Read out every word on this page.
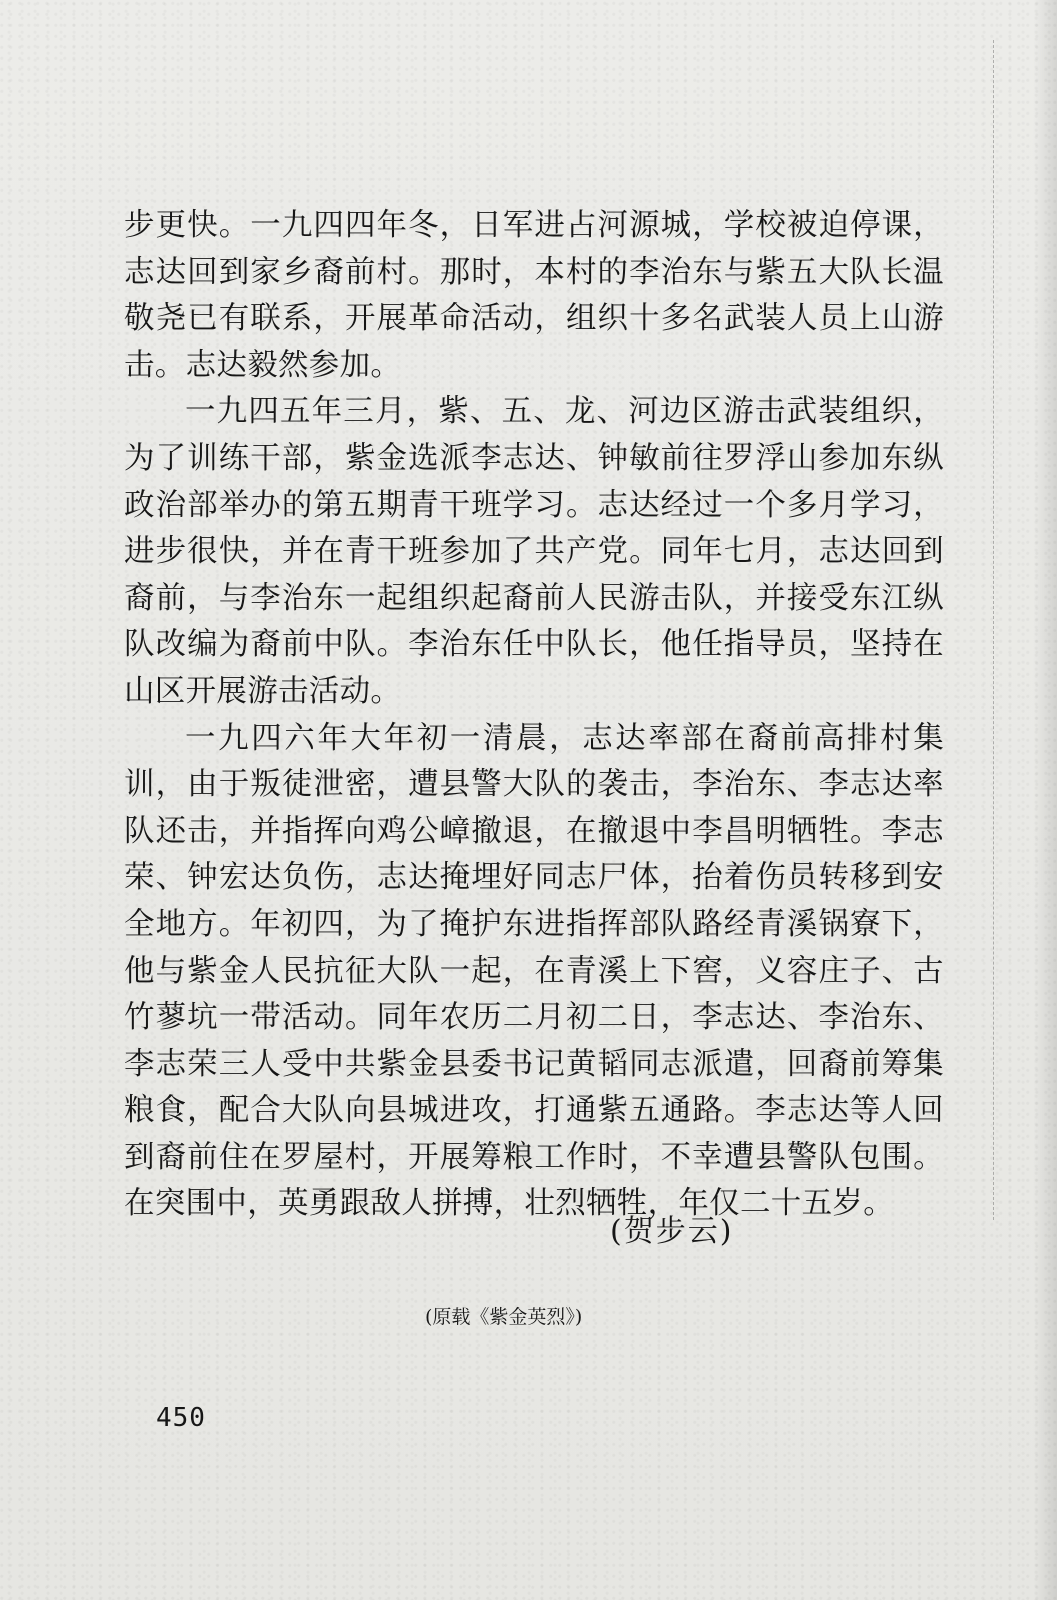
步更快。一九四四年冬，日军进占河源城，学校被迫停课，志达回到家乡裔前村。那时，本村的李治东与紫五大队长温敬尧已有联系，开展革命活动，组织十多名武装人员上山游击。志达毅然参加。

一九四五年三月，紫、五、龙、河边区游击武装组织，为了训练干部，紫金选派李志达、钟敏前往罗浮山参加东纵政治部举办的第五期青干班学习。志达经过一个多月学习，进步很快，并在青干班参加了共产党。同年七月，志达回到裔前，与李治东一起组织起裔前人民游击队，并接受东江纵队改编为裔前中队。李治东任中队长，他任指导员，坚持在山区开展游击活动。

一九四六年大年初一清晨，志达率部在裔前高排村集训，由于叛徒泄密，遭县警大队的袭击，李治东、李志达率队还击，并指挥向鸡公嶂撤退，在撤退中李昌明牺牲。李志荣、钟宏达负伤，志达掩埋好同志尸体，抬着伤员转移到安全地方。年初四，为了掩护东进指挥部队路经青溪锅寮下，他与紫金人民抗征大队一起，在青溪上下窖，义容庄子、古竹蓼坑一带活动。同年农历二月初二日，李志达、李治东、李志荣三人受中共紫金县委书记黄韬同志派遣，回裔前筹集粮食，配合大队向县城进攻，打通紫五通路。李志达等人回到裔前住在罗屋村，开展筹粮工作时，不幸遭县警队包围。在突围中，英勇跟敌人拼搏，壮烈牺牲，年仅二十五岁。

(贺步云)
(原载《紫金英烈》)
450
